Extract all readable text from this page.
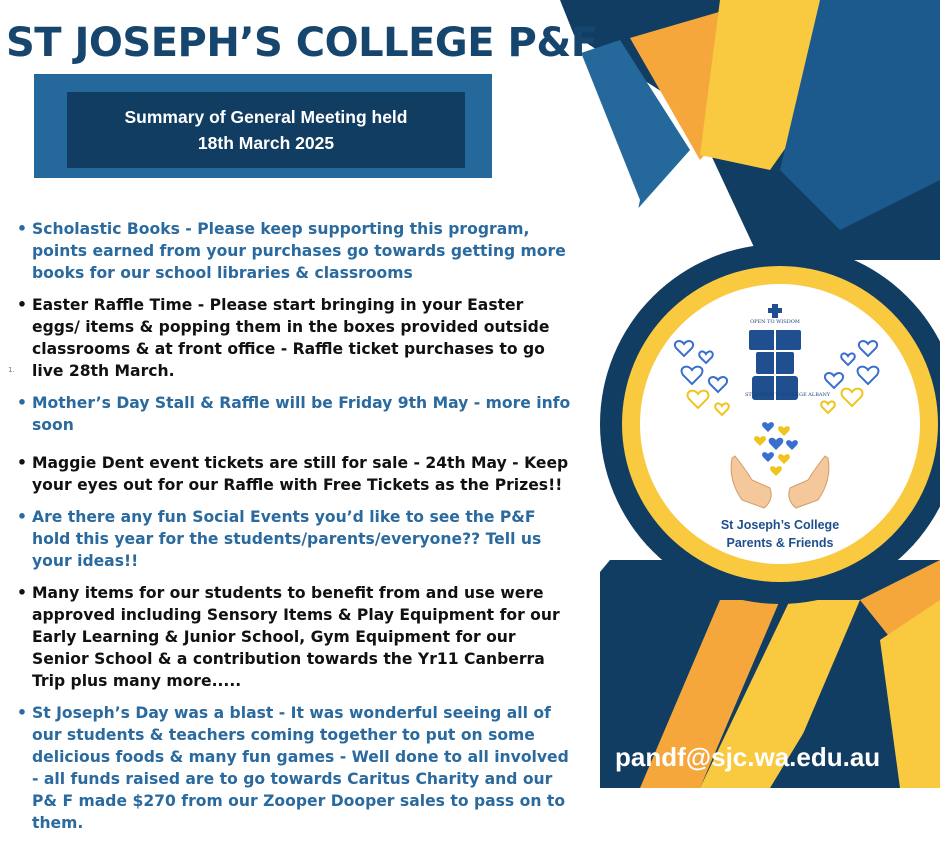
ST JOSEPH’S COLLEGE P&F
Summary of General Meeting held
18th March 2025
• Scholastic Books - Please keep supporting this program, points earned from your purchases go towards getting more books for our school libraries & classrooms
• Easter Raffle Time - Please start bringing in your Easter eggs/ items & popping them in the boxes provided outside classrooms & at front office - Raffle ticket purchases to go live 28th March.
• Mother’s Day Stall & Raffle will be Friday 9th May - more info soon
• Maggie Dent event tickets are still for sale - 24th May - Keep your eyes out for our Raffle with Free Tickets as the Prizes!!
• Are there any fun Social Events you’d like to see the P&F hold this year for the students/parents/everyone?? Tell us your ideas!!
• Many items for our students to benefit from and use were approved including Sensory Items & Play Equipment for our Early Learning & Junior School, Gym Equipment for our Senior School & a contribution towards the Yr11 Canberra Trip plus many more.....
• St Joseph’s Day was a blast - It was wonderful seeing all of our students & teachers coming together to put on some delicious foods & many fun games - Well done to all involved - all funds raised are to go towards Caritus Charity and our P& F made $270 from our Zooper Dooper sales to pass on to them.
1.
OPEN TO WISDOM
ST JOSEPH’S COLLEGE ALBANY
St Joseph’s College
Parents & Friends
pandf@sjc.wa.edu.au
